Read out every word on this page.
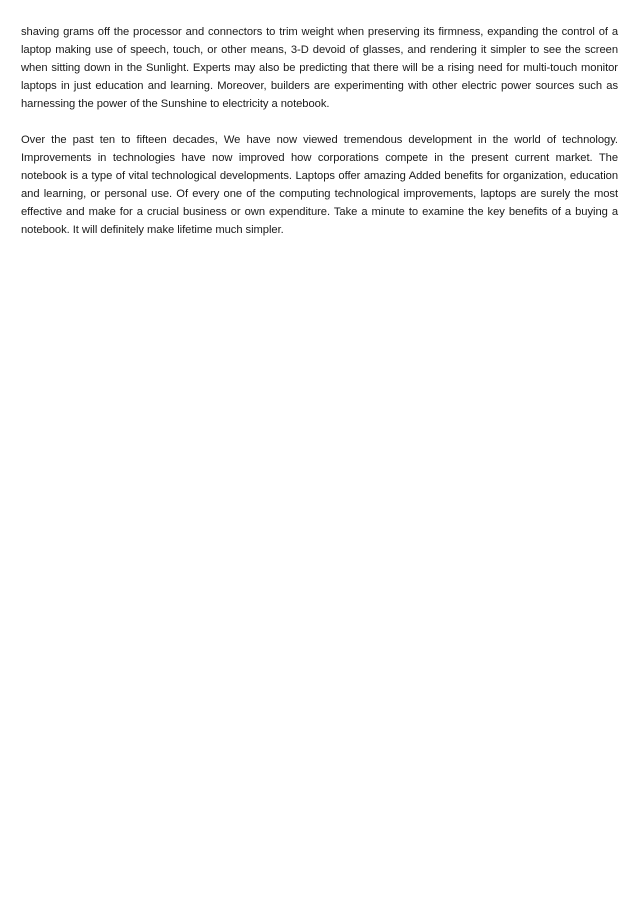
shaving grams off the processor and connectors to trim weight when preserving its firmness, expanding the control of a laptop making use of speech, touch, or other means, 3-D devoid of glasses, and rendering it simpler to see the screen when sitting down in the Sunlight. Experts may also be predicting that there will be a rising need for multi-touch monitor laptops in just education and learning. Moreover, builders are experimenting with other electric power sources such as harnessing the power of the Sunshine to electricity a notebook.

Over the past ten to fifteen decades, We have now viewed tremendous development in the world of technology. Improvements in technologies have now improved how corporations compete in the present current market. The notebook is a type of vital technological developments. Laptops offer amazing Added benefits for organization, education and learning, or personal use. Of every one of the computing technological improvements, laptops are surely the most effective and make for a crucial business or own expenditure. Take a minute to examine the key benefits of a buying a notebook. It will definitely make lifetime much simpler.
